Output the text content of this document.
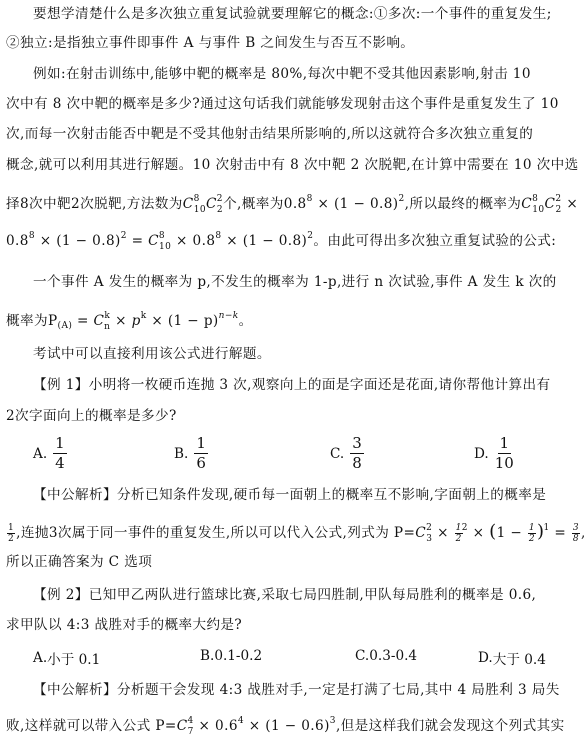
要想学清楚什么是多次独立重复试验就要理解它的概念:①多次:一个事件的重复发生;
②独立:是指独立事件即事件 A 与事件 B 之间发生与否互不影响。
例如:在射击训练中,能够中靶的概率是 80%,每次中靶不受其他因素影响,射击 10
次中有 8 次中靶的概率是多少?通过这句话我们就能够发现射击这个事件是重复发生了 10
次,而每一次射击能否中靶是不受其他射击结果所影响的,所以这就符合多次独立重复的
概念,就可以利用其进行解题。10 次射击中有 8 次中靶 2 次脱靶,在计算中需要在 10 次中选
择8次中靶2次脱靶,方法数为$C^8_{10}C^2_2$个,概率为$0.8^8 \times (1 - 0.8)^2$,所以最终的概率为$C^8_{10}C^2_2$ ×
$0.8^8 \times (1 - 0.8)^2 = C^8_{10} \times 0.8^8 \times (1 - 0.8)^2$。由此可得出多次独立重复试验的公式:
一个事件 A 发生的概率为 p,不发生的概率为 1-p,进行 n 次试验,事件 A 发生 k 次的
概率为$P_{(A)} = C^k_n \times p^k \times (1 - p)^{n-k}$。
考试中可以直接利用该公式进行解题。
【例 1】小明将一枚硬币连抛 3 次,观察向上的面是字面还是花面,请你帮他计算出有
2次字面向上的概率是多少?
A. $\frac{1}{4}$	B. $\frac{1}{6}$	C. $\frac{3}{8}$	D. $\frac{1}{10}$
【中公解析】分析已知条件发现,硬币每一面朝上的概率互不影响,字面朝上的概率是
$\frac{1}{2}$ ,连抛3次属于同一事件的重复发生,所以可以代入公式,列式为 $P=C^2_3 \times \frac{1}{2} ^2 \times (1 - \frac{1}{2} )^1 = \frac{3}{8}$ ,
所以正确答案为 C 选项
【例 2】已知甲乙两队进行篮球比赛,采取七局四胜制,甲队每局胜利的概率是 0.6,
求甲队以 4:3 战胜对手的概率大约是?
A. 小于 0.1	B. 0.1-0.2	C. 0.3-0.4	D. 大于 0.4
【中公解析】分析题干会发现 4:3 战胜对手,一定是打满了七局,其中 4 局胜利 3 局失
败,这样就可以带入公式 $P=C^4_7 \times 0.6^4 \times (1 - 0.6)^3$,但是这样我们就会发现这个列式其实
